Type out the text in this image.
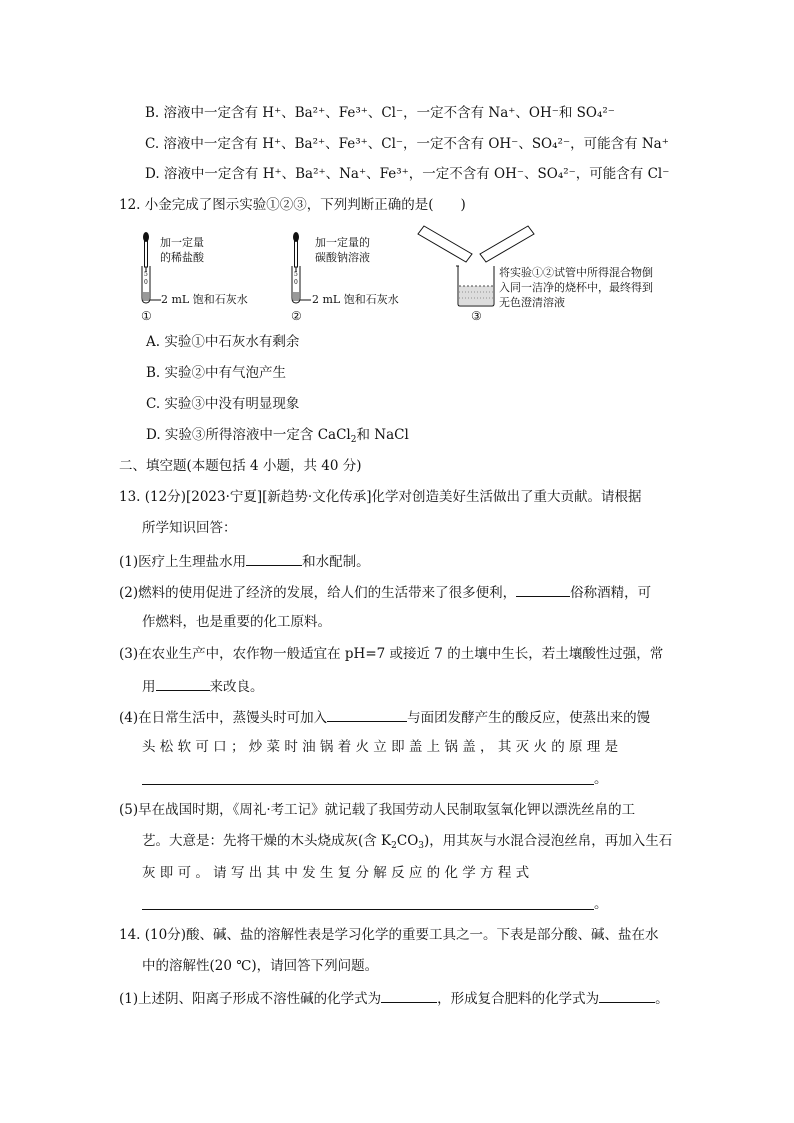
B. 溶液中一定含有 H⁺、Ba²⁺、Fe³⁺、Cl⁻，一定不含有 Na⁺、OH⁻和 SO₄²⁻
C. 溶液中一定含有 H⁺、Ba²⁺、Fe³⁺、Cl⁻，一定不含有 OH⁻、SO₄²⁻，可能含有 Na⁺
D. 溶液中一定含有 H⁺、Ba²⁺、Na⁺、Fe³⁺，一定不含有 OH⁻、SO₄²⁻，可能含有 Cl⁻
12. 小金完成了图示实验①②③，下列判断正确的是(　　)
5
0
加一定量
的稀盐酸
2 mL 饱和石灰水
①
5
0
加一定量的
碳酸钠溶液
2 mL 饱和石灰水
②
将实验①②试管中所得混合物倒
入同一洁净的烧杯中，最终得到
无色澄清溶液
③
A. 实验①中石灰水有剩余
B. 实验②中有气泡产生
C. 实验③中没有明显现象
D. 实验③所得溶液中一定含 CaCl$_2$和 NaCl
二、填空题(本题包括 4 小题，共 40 分)
13. (12分)[2023·宁夏][新趋势·文化传承]化学对创造美好生活做出了重大贡献。请根据
所学知识回答：
(1)医疗上生理盐水用	和水配制。
(2)燃料的使用促进了经济的发展，给人们的生活带来了很多便利，	俗称酒精，可
作燃料，也是重要的化工原料。
(3)在农业生产中，农作物一般适宜在 pH=7 或接近 7 的土壤中生长，若土壤酸性过强，常
用	来改良。
(4)在日常生活中，蒸馒头时可加入	与面团发酵产生的酸反应，使蒸出来的馒
头 松 软 可 口 ； 炒 菜 时 油 锅 着 火 立 即 盖 上 锅 盖 ， 其 灭 火 的 原 理 是
。
(5)早在战国时期，《周礼·考工记》就记载了我国劳动人民制取氢氧化钾以漂洗丝帛的工
艺。大意是：先将干燥的木头烧成灰(含 $K_2CO_3$)，用其灰与水混合浸泡丝帛，再加入生石
灰 即 可 。 请 写 出 其 中 发 生 复 分 解 反 应 的 化 学 方 程 式
。
14. (10分)酸、碱、盐的溶解性表是学习化学的重要工具之一。下表是部分酸、碱、盐在水
中的溶解性(20 ℃)，请回答下列问题。
(1)上述阴、阳离子形成不溶性碱的化学式为	，形成复合肥料的化学式为	。
